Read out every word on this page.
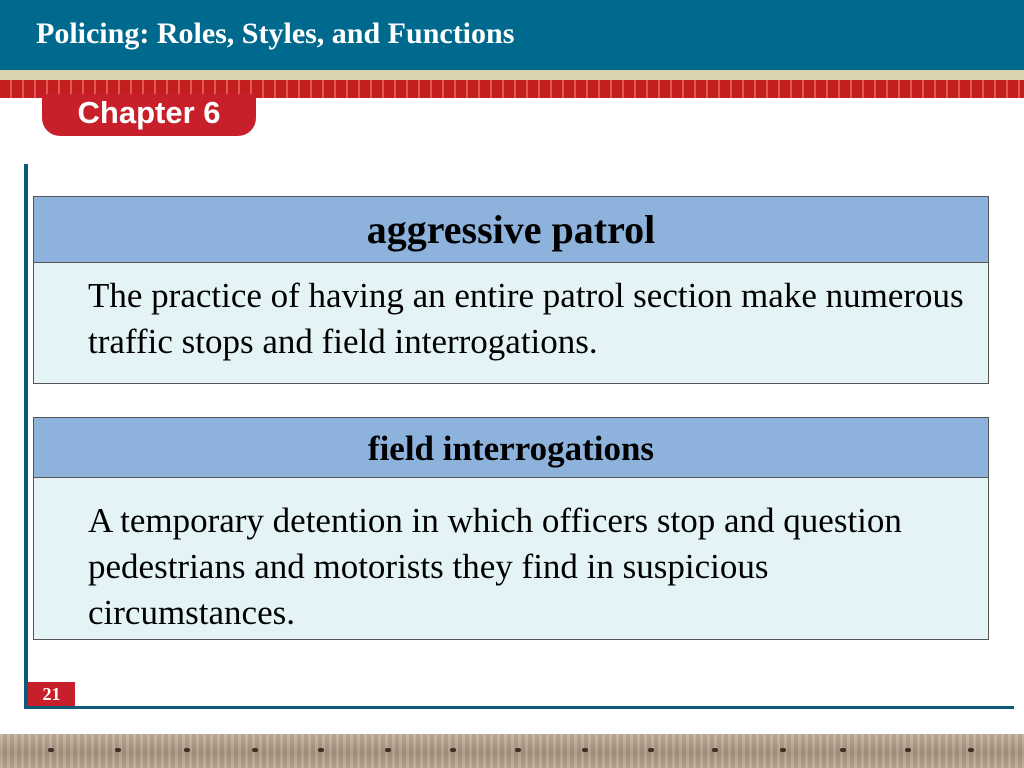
Policing: Roles, Styles, and Functions
Chapter 6
aggressive patrol
The practice of having an entire patrol section make numerous traffic stops and field interrogations.
field interrogations
A temporary detention in which officers stop and question pedestrians and motorists they find in suspicious circumstances.
21
